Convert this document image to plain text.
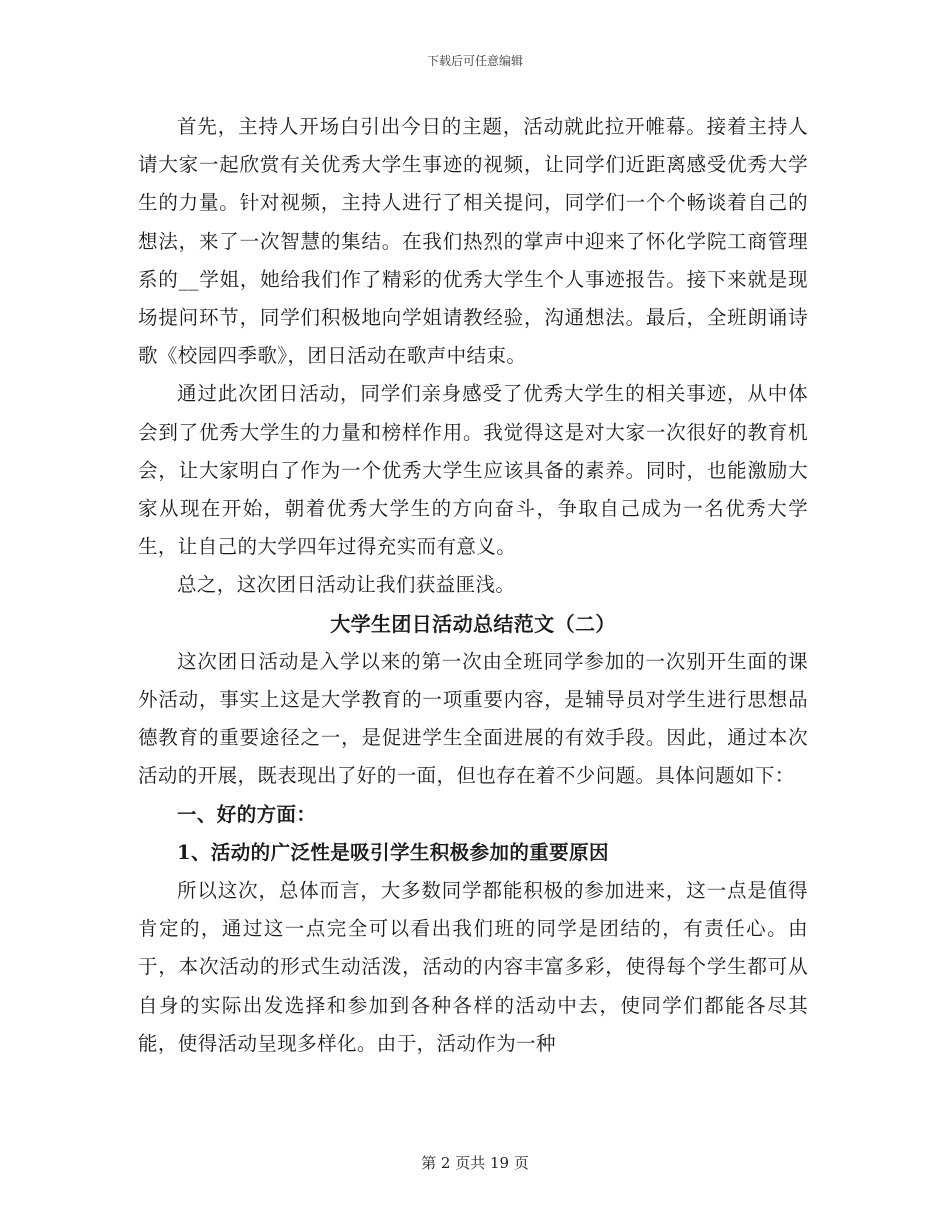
下载后可任意编辑

首先，主持人开场白引出今日的主题，活动就此拉开帷幕。接着主持人请大家一起欣赏有关优秀大学生事迹的视频，让同学们近距离感受优秀大学生的力量。针对视频，主持人进行了相关提问，同学们一个个畅谈着自己的想法，来了一次智慧的集结。在我们热烈的掌声中迎来了怀化学院工商管理系的__学姐，她给我们作了精彩的优秀大学生个人事迹报告。接下来就是现场提问环节，同学们积极地向学姐请教经验，沟通想法。最后，全班朗诵诗歌《校园四季歌》，团日活动在歌声中结束。

通过此次团日活动，同学们亲身感受了优秀大学生的相关事迹，从中体会到了优秀大学生的力量和榜样作用。我觉得这是对大家一次很好的教育机会，让大家明白了作为一个优秀大学生应该具备的素养。同时，也能激励大家从现在开始，朝着优秀大学生的方向奋斗，争取自己成为一名优秀大学生，让自己的大学四年过得充实而有意义。

总之，这次团日活动让我们获益匪浅。

大学生团日活动总结范文（二）

这次团日活动是入学以来的第一次由全班同学参加的一次别开生面的课外活动，事实上这是大学教育的一项重要内容，是辅导员对学生进行思想品德教育的重要途径之一，是促进学生全面进展的有效手段。因此，通过本次活动的开展，既表现出了好的一面，但也存在着不少问题。具体问题如下：

一、好的方面：

1、活动的广泛性是吸引学生积极参加的重要原因

所以这次，总体而言，大多数同学都能积极的参加进来，这一点是值得肯定的，通过这一点完全可以看出我们班的同学是团结的，有责任心。由于，本次活动的形式生动活泼，活动的内容丰富多彩，使得每个学生都可从自身的实际出发选择和参加到各种各样的活动中去，使同学们都能各尽其能，使得活动呈现多样化。由于，活动作为一种

第 2 页共 19 页
